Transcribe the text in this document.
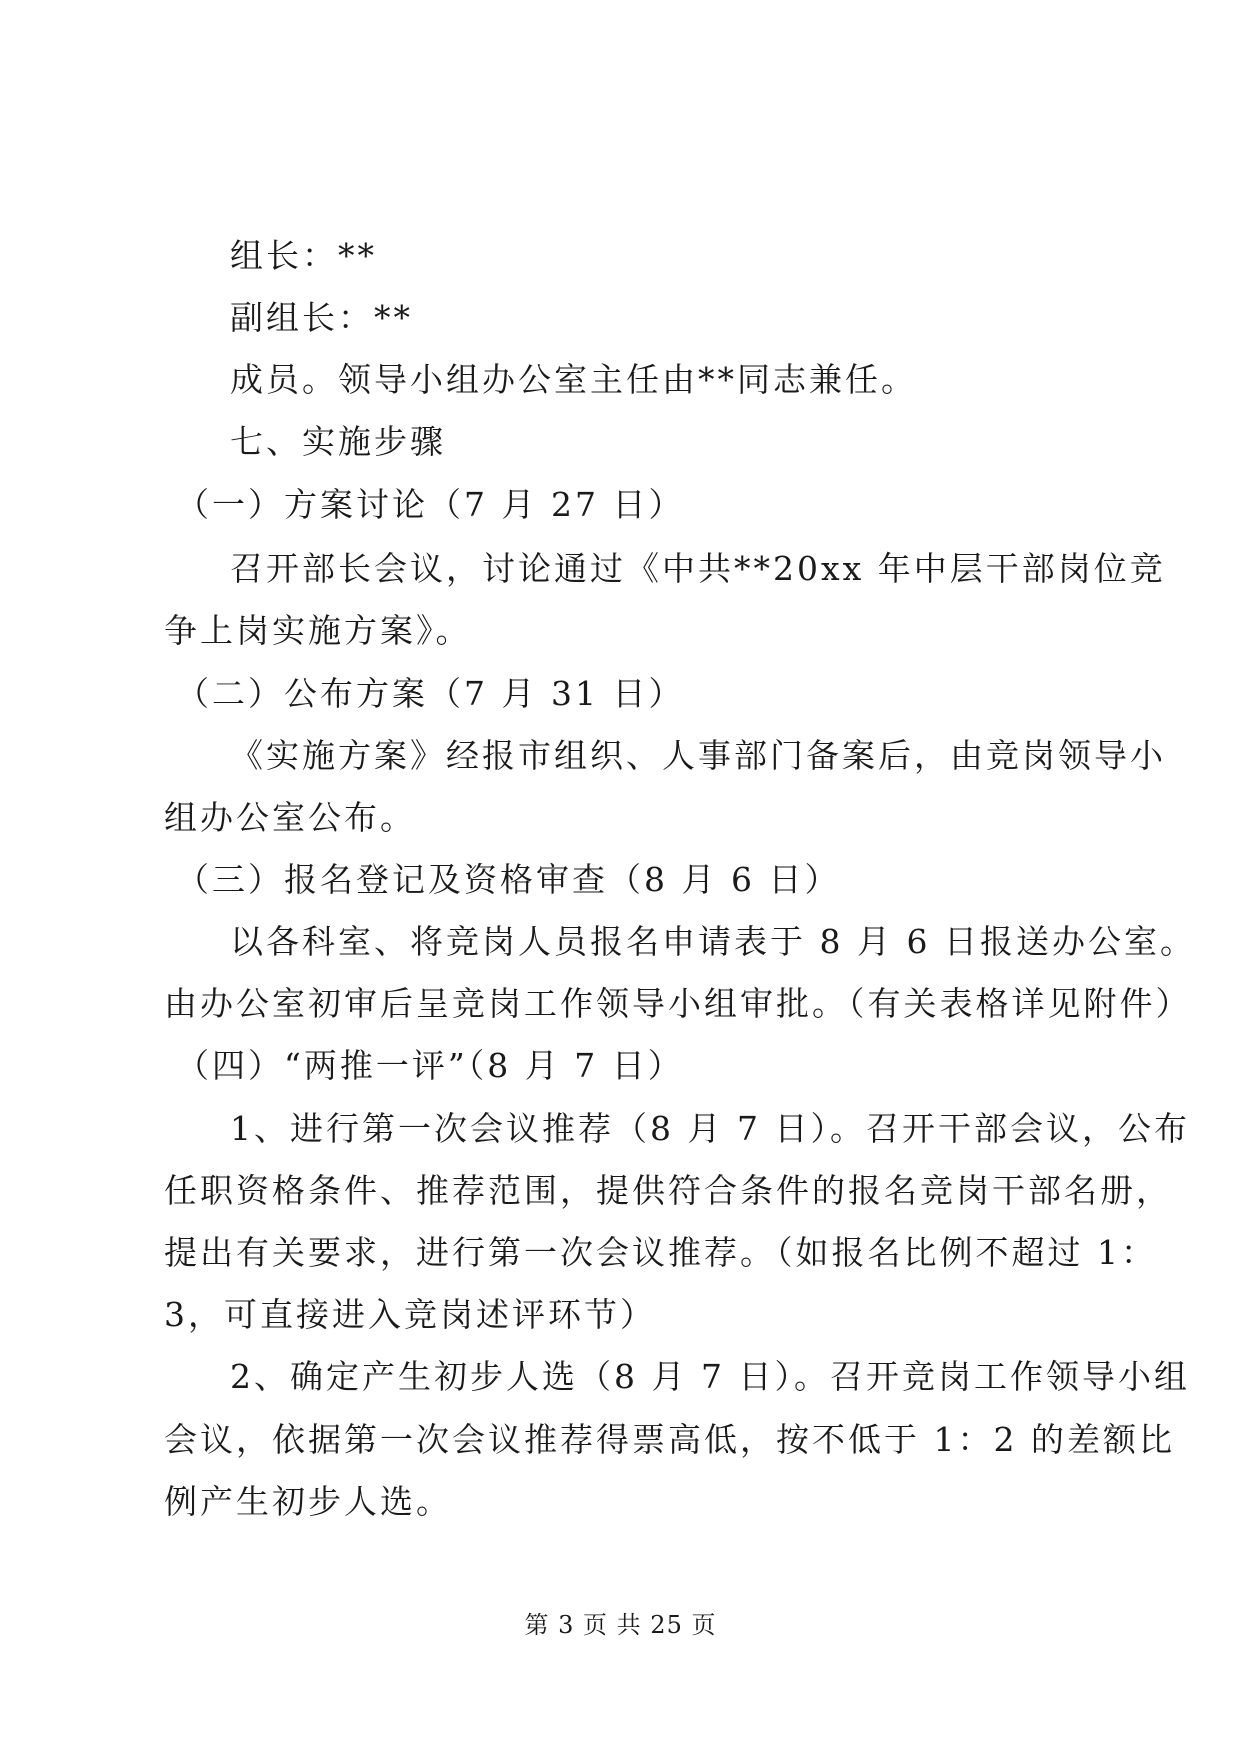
组长：**
副组长：**
成员。领导小组办公室主任由**同志兼任。
七、实施步骤
（一）方案讨论（7 月 27 日）
召开部长会议，讨论通过《中共**20xx 年中层干部岗位竞
争上岗实施方案》。
（二）公布方案（7 月 31 日）
《实施方案》经报市组织、人事部门备案后，由竞岗领导小
组办公室公布。
（三）报名登记及资格审查（8 月 6 日）
以各科室、将竞岗人员报名申请表于 8 月 6 日报送办公室。
由办公室初审后呈竞岗工作领导小组审批。（有关表格详见附件）
（四）“两推一评”（8 月 7 日）
1、进行第一次会议推荐（8 月 7 日）。召开干部会议，公布
任职资格条件、推荐范围，提供符合条件的报名竞岗干部名册，
提出有关要求，进行第一次会议推荐。（如报名比例不超过 1：
3，可直接进入竞岗述评环节）
2、确定产生初步人选（8 月 7 日）。召开竞岗工作领导小组
会议，依据第一次会议推荐得票高低，按不低于 1：2 的差额比
例产生初步人选。
第 3 页 共 25 页
